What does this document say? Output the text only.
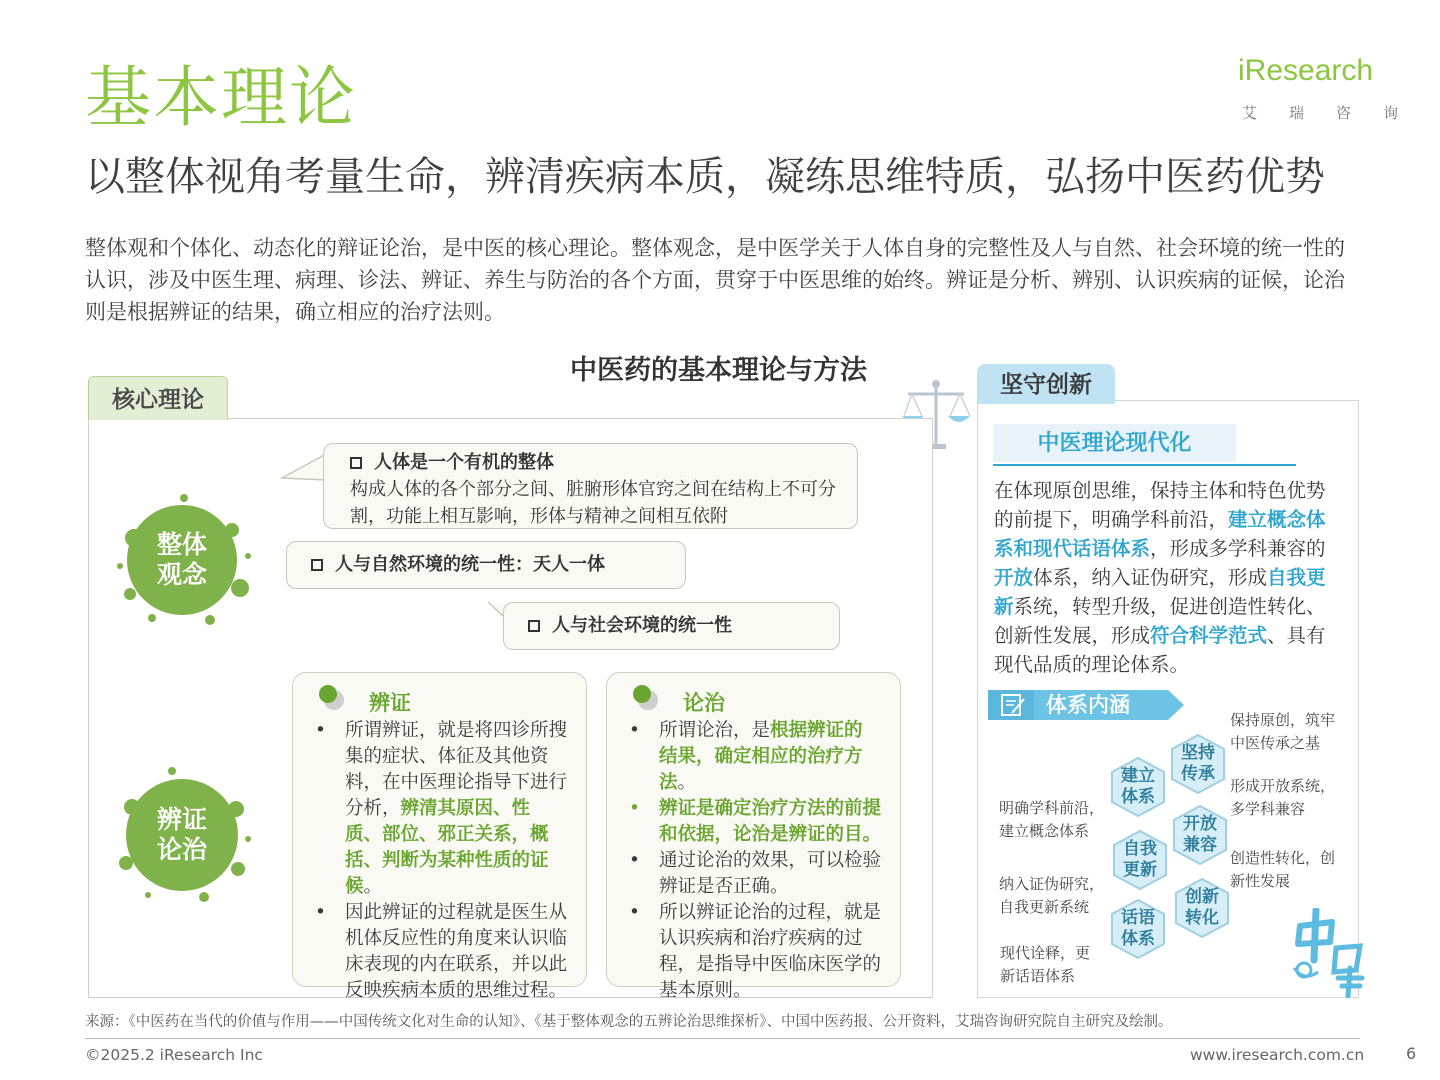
基本理论
以整体视角考量生命，辨清疾病本质，凝练思维特质，弘扬中医药优势
iResearch
艾 瑞 咨 询
整体观和个体化、动态化的辩证论治，是中医的核心理论。整体观念，是中医学关于人体自身的完整性及人与自然、社会环境的统一性的认识，涉及中医生理、病理、诊法、辨证、养生与防治的各个方面，贯穿于中医思维的始终。辨证是分析、辨别、认识疾病的证候，论治则是根据辨证的结果，确立相应的治疗法则。
中医药的基本理论与方法
核心理论
整体
观念
人体是一个有机的整体
构成人体的各个部分之间、脏腑形体官窍之间在结构上不可分割，功能上相互影响，形体与精神之间相互依附
人与自然环境的统一性：天人一体
人与社会环境的统一性
辨证
论治
辨证
• 所谓辨证，就是将四诊所搜集的症状、体征及其他资料，在中医理论指导下进行分析，辨清其原因、性质、部位、邪正关系，概括、判断为某种性质的证候。
• 因此辨证的过程就是医生从机体反应性的角度来认识临床表现的内在联系，并以此反映疾病本质的思维过程。
论治
• 所谓论治，是根据辨证的结果，确定相应的治疗方法。
• 辨证是确定治疗方法的前提和依据，论治是辨证的目。
• 通过论治的效果，可以检验辨证是否正确。
• 所以辨证论治的过程，就是认识疾病和治疗疾病的过程，是指导中医临床医学的基本原则。
坚守创新
中医理论现代化
在体现原创思维，保持主体和特色优势的前提下，明确学科前沿，建立概念体系和现代话语体系，形成多学科兼容的开放体系，纳入证伪研究，形成自我更新系统，转型升级，促进创造性转化、创新性发展，形成符合科学范式、具有现代品质的理论体系。
体系内涵
建立
体系
坚持
传承
开放
兼容
自我
更新
创新
转化
话语
体系
保持原创，筑牢中医传承之基
形成开放系统，多学科兼容
明确学科前沿，建立概念体系
创造性转化，创新性发展
纳入证伪研究，自我更新系统
现代诠释，更新话语体系
来源：《中医药在当代的价值与作用——中国传统文化对生命的认知》、《基于整体观念的五辨论治思维探析》、中国中医药报、公开资料，艾瑞咨询研究院自主研究及绘制。
©2025.2 iResearch Inc	www.iresearch.com.cn	6
